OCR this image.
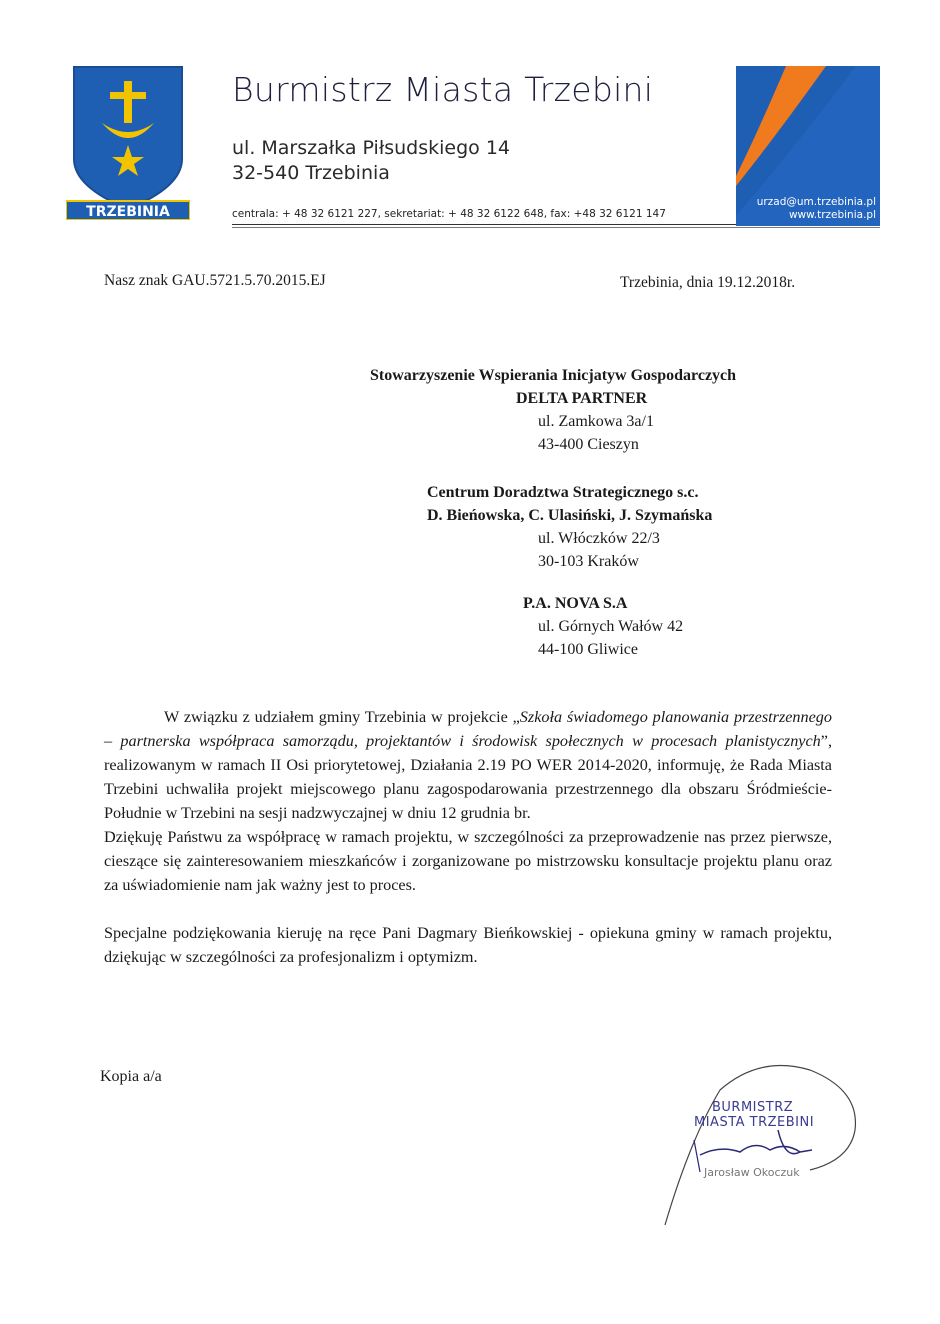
TRZEBINIA
Burmistrz Miasta Trzebini
ul. Marszałka Piłsudskiego 14
32-540 Trzebinia
centrala: + 48 32 6121 227, sekretariat: + 48 32 6122 648, fax: +48 32 6121 147
urzad@um.trzebinia.pl
www.trzebinia.pl
Nasz znak GAU.5721.5.70.2015.EJ	Trzebinia, dnia 19.12.2018r.
Stowarzyszenie Wspierania Inicjatyw Gospodarczych
DELTA PARTNER
ul. Zamkowa 3a/1
43-400 Cieszyn
Centrum Doradztwa Strategicznego s.c.
D. Bieńowska, C. Ulasiński, J. Szymańska
ul. Włóczków 22/3
30-103 Kraków
P.A. NOVA S.A
ul. Górnych Wałów 42
44-100 Gliwice

W związku z udziałem gminy Trzebinia w projekcie „Szkoła świadomego planowania przestrzennego – partnerska współpraca samorządu, projektantów i środowisk społecznych w procesach planistycznych”, realizowanym w ramach II Osi priorytetowej, Działania 2.19 PO WER 2014-2020, informuję, że Rada Miasta Trzebini uchwaliła projekt miejscowego planu zagospodarowania przestrzennego dla obszaru Śródmieście-Południe w Trzebini na sesji nadzwyczajnej w dniu 12 grudnia br.

Dziękuję Państwu za współpracę w ramach projektu, w szczególności za przeprowadzenie nas przez pierwsze, cieszące się zainteresowaniem mieszkańców i zorganizowane po mistrzowsku konsultacje projektu planu oraz za uświadomienie nam jak ważny jest to proces.

Specjalne podziękowania kieruję na ręce Pani Dagmary Bieńkowskiej - opiekuna gminy w ramach projektu, dziękując w szczególności za profesjonalizm i optymizm.

Kopia a/a
BURMISTRZ
MIASTA TRZEBINI
Jarosław Okoczuk
